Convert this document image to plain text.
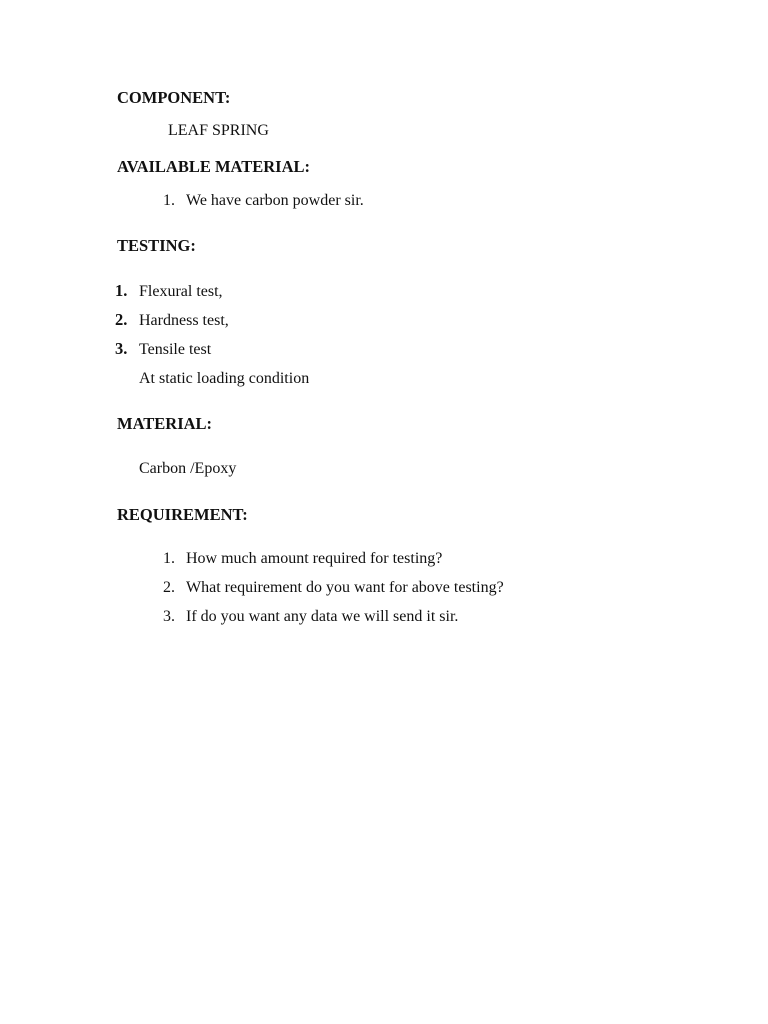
COMPONENT:
LEAF SPRING
AVAILABLE MATERIAL:
1. We have carbon powder sir.
TESTING:
1. Flexural test,
2. Hardness test,
3. Tensile test
At static loading condition
MATERIAL:
Carbon /Epoxy
REQUIREMENT:
1. How much amount required for testing?
2. What requirement do you want for above testing?
3. If do you want any data we will send it sir.
